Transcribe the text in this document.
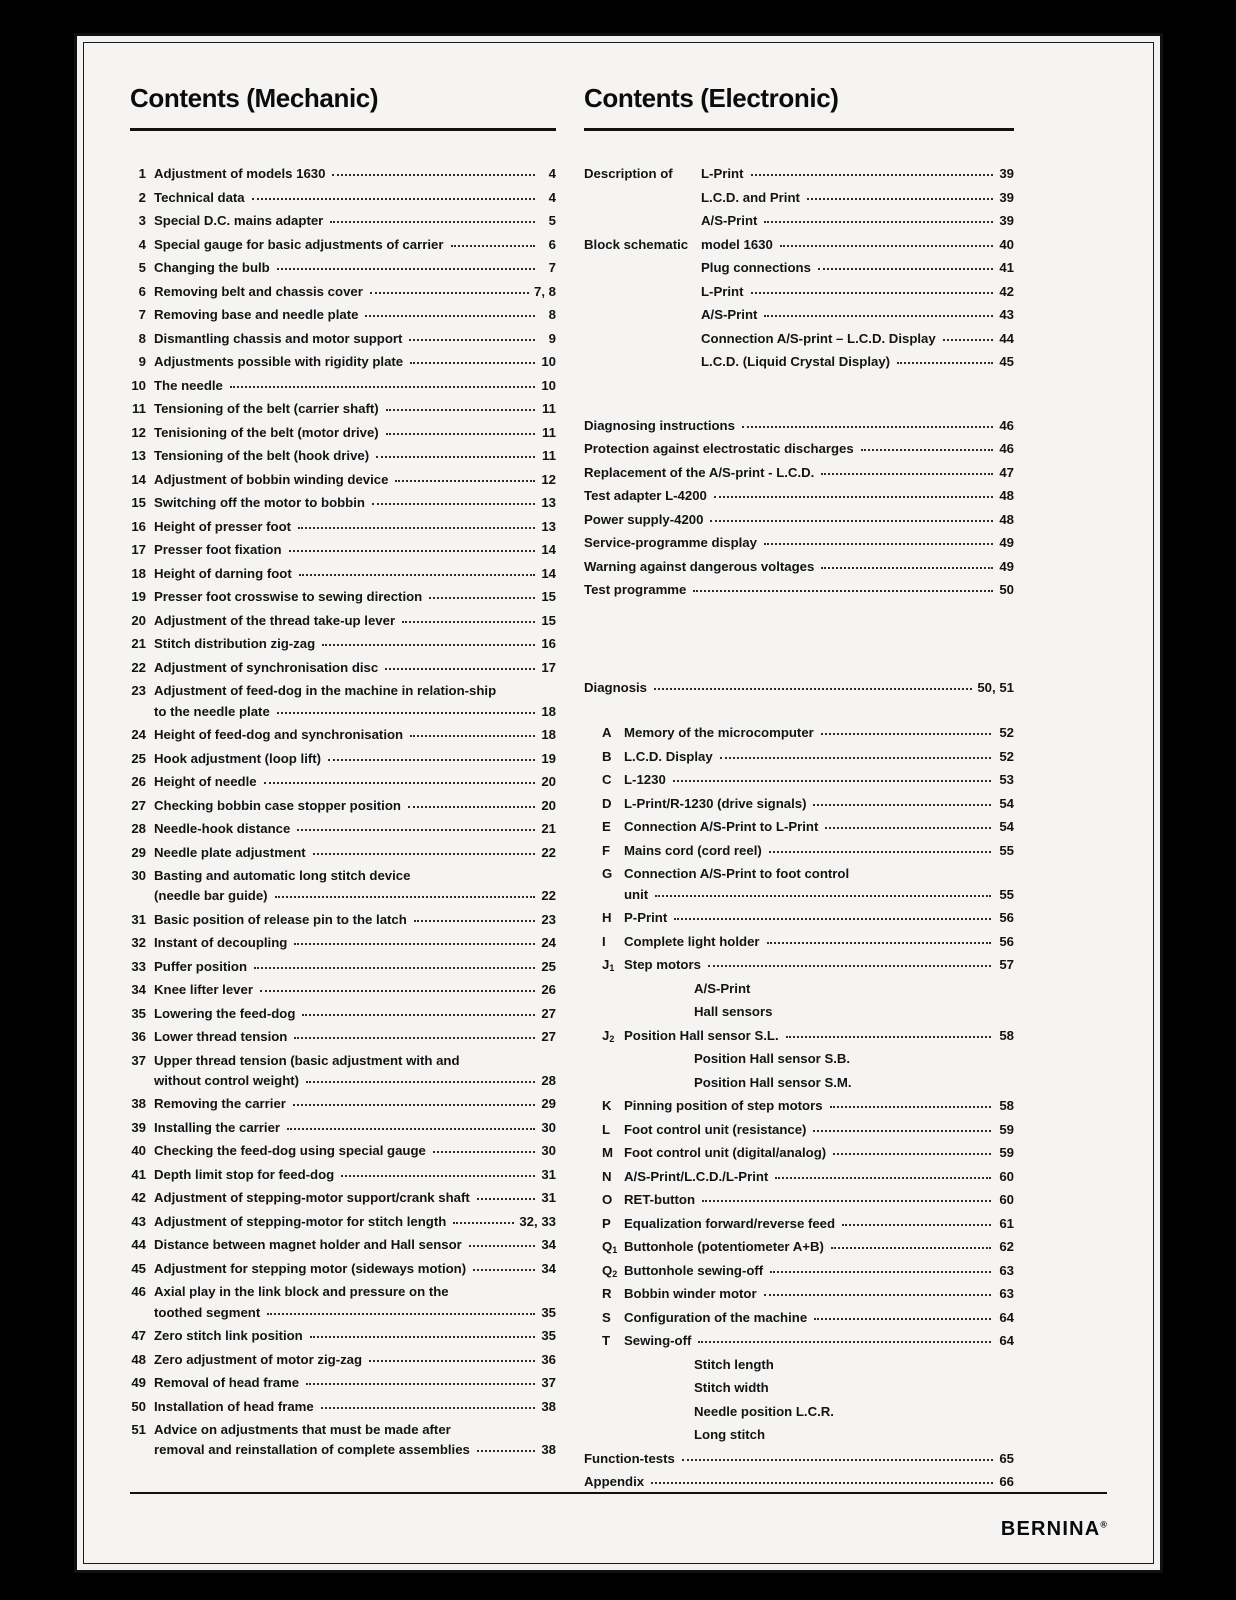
Contents (Mechanic)
1 Adjustment of models 1630	4
2 Technical data	4
3 Special D.C. mains adapter	5
4 Special gauge for basic adjustments of carrier	6
5 Changing the bulb	7
6 Removing belt and chassis cover	7, 8
7 Removing base and needle plate	8
8 Dismantling chassis and motor support	9
9 Adjustments possible with rigidity plate	10
10 The needle	10
11 Tensioning of the belt (carrier shaft)	11
12 Tenisioning of the belt (motor drive)	11
13 Tensioning of the belt (hook drive)	11
14 Adjustment of bobbin winding device	12
15 Switching off the motor to bobbin	13
16 Height of presser foot	13
17 Presser foot fixation	14
18 Height of darning foot	14
19 Presser foot crosswise to sewing direction	15
20 Adjustment of the thread take-up lever	15
21 Stitch distribution zig-zag	16
22 Adjustment of synchronisation disc	17
23 Adjustment of feed-dog in the machine in relation-ship
to the needle plate	18
24 Height of feed-dog and synchronisation	18
25 Hook adjustment (loop lift)	19
26 Height of needle	20
27 Checking bobbin case stopper position	20
28 Needle-hook distance	21
29 Needle plate adjustment	22
30 Basting and automatic long stitch device
(needle bar guide)	22
31 Basic position of release pin to the latch	23
32 Instant of decoupling	24
33 Puffer position	25
34 Knee lifter lever	26
35 Lowering the feed-dog	27
36 Lower thread tension	27
37 Upper thread tension (basic adjustment with and
without control weight)	28
38 Removing the carrier	29
39 Installing the carrier	30
40 Checking the feed-dog using special gauge	30
41 Depth limit stop for feed-dog	31
42 Adjustment of stepping-motor support/crank shaft	31
43 Adjustment of stepping-motor for stitch length	32, 33
44 Distance between magnet holder and Hall sensor	34
45 Adjustment for stepping motor (sideways motion)	34
46 Axial play in the link block and pressure on the
toothed segment	35
47 Zero stitch link position	35
48 Zero adjustment of motor zig-zag	36
49 Removal of head frame	37
50 Installation of head frame	38
51 Advice on adjustments that must be made after
removal and reinstallation of complete assemblies	38
Contents (Electronic)
Description of	L-Print	39
L.C.D. and Print	39
A/S-Print	39
Block schematic model 1630	40
Plug connections	41
L-Print	42
A/S-Print	43
Connection A/S-print – L.C.D. Display	44
L.C.D. (Liquid Crystal Display)	45
Diagnosing instructions	46
Protection against electrostatic discharges	46
Replacement of the A/S-print - L.C.D.	47
Test adapter L-4200	48
Power supply-4200	48
Service-programme display	49
Warning against dangerous voltages	49
Test programme	50
Diagnosis	50, 51
A Memory of the microcomputer	52
B L.C.D. Display	52
C L-1230	53
D L-Print/R-1230 (drive signals)	54
E	Connection A/S-Print to L-Print	54
F	Mains cord (cord reel)	55
G Connection A/S-Print to foot control
unit	55
H P-Print	56
I	Complete light holder	56
$J_1$ Step motors	57
A/S-Print
Hall sensors
$J_2$ Position Hall sensor S.L.	58
Position Hall sensor S.B.
Position Hall sensor S.M.
K Pinning position of step motors	58
L	Foot control unit (resistance)	59
M Foot control unit (digital/analog)	59
N A/S-Print/L.C.D./L-Print	60
O RET-button	60
P	Equalization forward/reverse feed	61
$Q_1$ Buttonhole (potentiometer A+B)	62
$Q_2$ Buttonhole sewing-off	63
R Bobbin winder motor	63
S	Configuration of the machine	64
T	Sewing-off	64
Stitch length
Stitch width
Needle position L.C.R.
Long stitch
Function-tests	65
Appendix	66
BERNINA®
